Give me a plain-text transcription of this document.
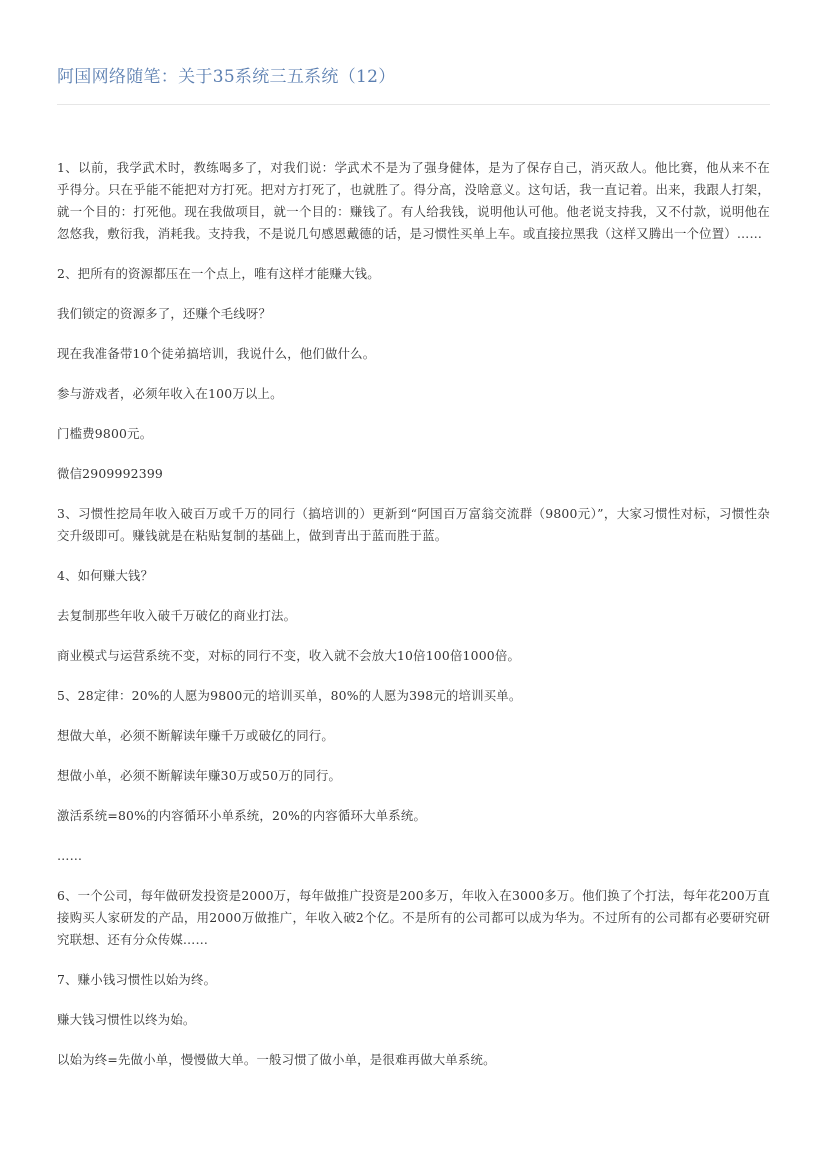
阿国网络随笔：关于35系统三五系统（12）

1、以前，我学武术时，教练喝多了，对我们说：学武术不是为了强身健体，是为了保存自己，消灭敌人。他比赛，他从来不在乎得分。只在乎能不能把对方打死。把对方打死了，也就胜了。得分高，没啥意义。这句话，我一直记着。出来，我跟人打架，就一个目的：打死他。现在我做项目，就一个目的：赚钱了。有人给我钱，说明他认可他。他老说支持我，又不付款，说明他在忽悠我，敷衍我，消耗我。支持我，不是说几句感恩戴德的话，是习惯性买单上车。或直接拉黑我（这样又腾出一个位置）……

2、把所有的资源都压在一个点上，唯有这样才能赚大钱。

我们锁定的资源多了，还赚个毛线呀？

现在我准备带10个徒弟搞培训，我说什么，他们做什么。

参与游戏者，必须年收入在100万以上。

门槛费9800元。

微信2909992399

3、习惯性挖局年收入破百万或千万的同行（搞培训的）更新到“阿国百万富翁交流群（9800元）”，大家习惯性对标，习惯性杂交升级即可。赚钱就是在粘贴复制的基础上，做到青出于蓝而胜于蓝。

4、如何赚大钱？

去复制那些年收入破千万破亿的商业打法。

商业模式与运营系统不变，对标的同行不变，收入就不会放大10倍100倍1000倍。

5、28定律：20%的人愿为9800元的培训买单，80%的人愿为398元的培训买单。

想做大单，必须不断解读年赚千万或破亿的同行。

想做小单，必须不断解读年赚30万或50万的同行。

激活系统=80%的内容循环小单系统，20%的内容循环大单系统。

……

6、一个公司，每年做研发投资是2000万，每年做推广投资是200多万，年收入在3000多万。他们换了个打法，每年花200万直接购买人家研发的产品，用2000万做推广，年收入破2个亿。不是所有的公司都可以成为华为。不过所有的公司都有必要研究研究联想、还有分众传媒……

7、赚小钱习惯性以始为终。

赚大钱习惯性以终为始。

以始为终=先做小单，慢慢做大单。一般习惯了做小单，是很难再做大单系统。
